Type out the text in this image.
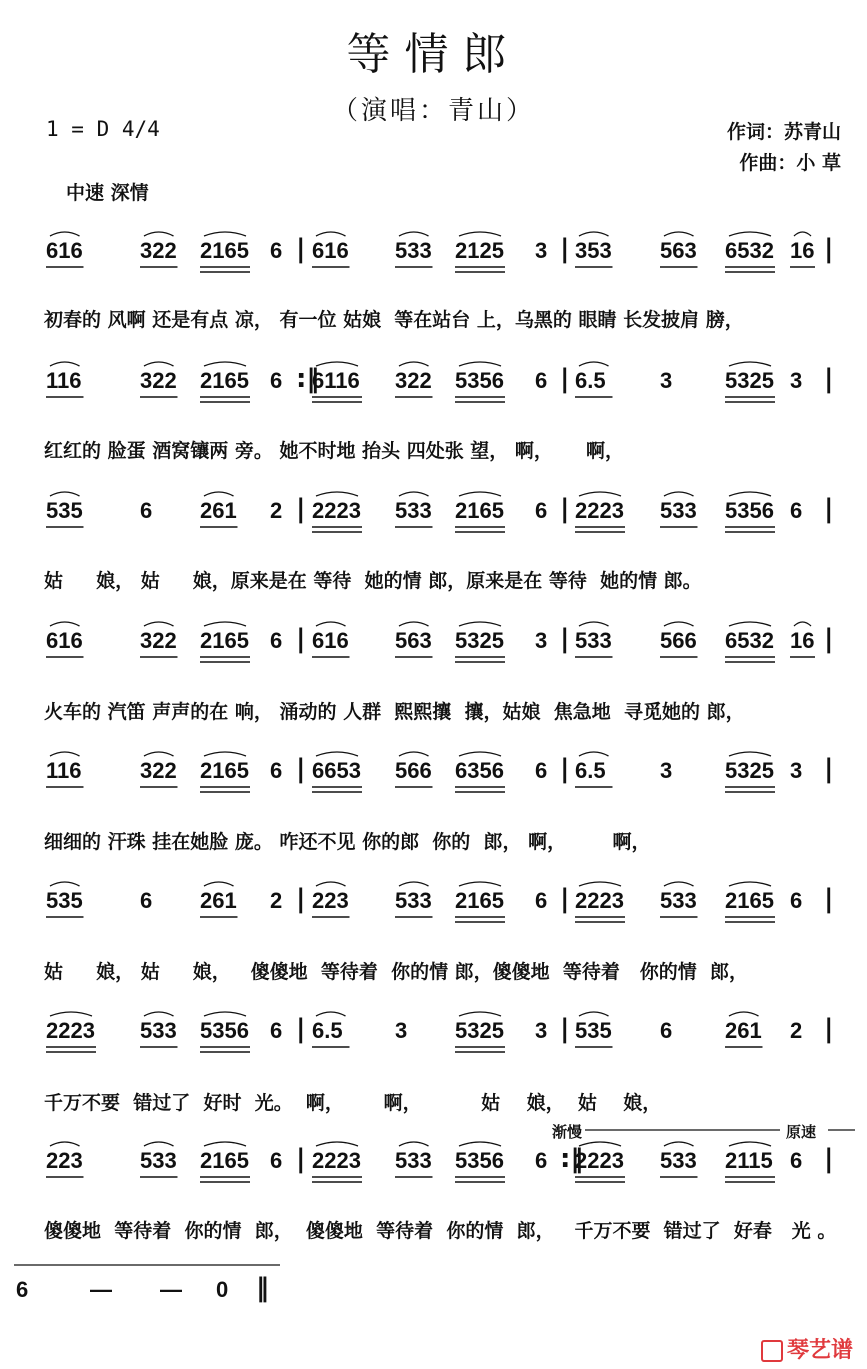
等情郎
（演唱：青山）
1 = D 4/4	作词：苏青山
作曲：小 草
中速 深情
616	322 2165 6 | 616 533 2125 3 | 353 563 6532 16 |
初春的 风啊 还是有点 凉， 有一位 姑娘  等在站台 上，乌黑的 眼睛 长发披肩 膀，
116	322 2165 6 :‖
6116 322 5356 6 | 6.5 3 5325 3 |
红红的 脸蛋 酒窝镶两 旁。 她不时地 抬头 四处张 望， 啊，     啊，
535	6 261 2 | 2223 533 2165 6 | 2223 533 5356 6 |
姑     娘， 姑     娘，原来是在 等待  她的情 郎，原来是在 等待  她的情 郎。
616	322 2165 6 | 616 563 5325 3 | 533 566 6532 16 |
火车的 汽笛 声声的在 响， 涌动的 人群  熙熙攘  攘，姑娘  焦急地  寻觅她的 郎，
116	322 2165 6 | 6653 566 6356 6 | 6.5 3 5325 3 |
细细的 汗珠 挂在她脸 庞。 咋还不见 你的郎  你的  郎， 啊，       啊，
535	6 261 2 | 223 533 2165 6 | 2223 533 2165 6 |
姑     娘， 姑     娘，   傻傻地  等待着  你的情 郎，傻傻地  等待着   你的情  郎，
2223 533 5356 6 | 6.5 3 5325 3 | 535 6 261 2 |
千万不要  错过了  好时  光。  啊，      啊，         姑    娘，  姑    娘，
223	533 2165 6 | 2223 533 5356 6 :‖
2223 533 2115 6 |
傻傻地  等待着  你的情  郎，  傻傻地  等待着  你的情  郎，   千万不要  错过了  好春   光 。
6	— — 0 ‖
渐慢	原速
琴艺谱
